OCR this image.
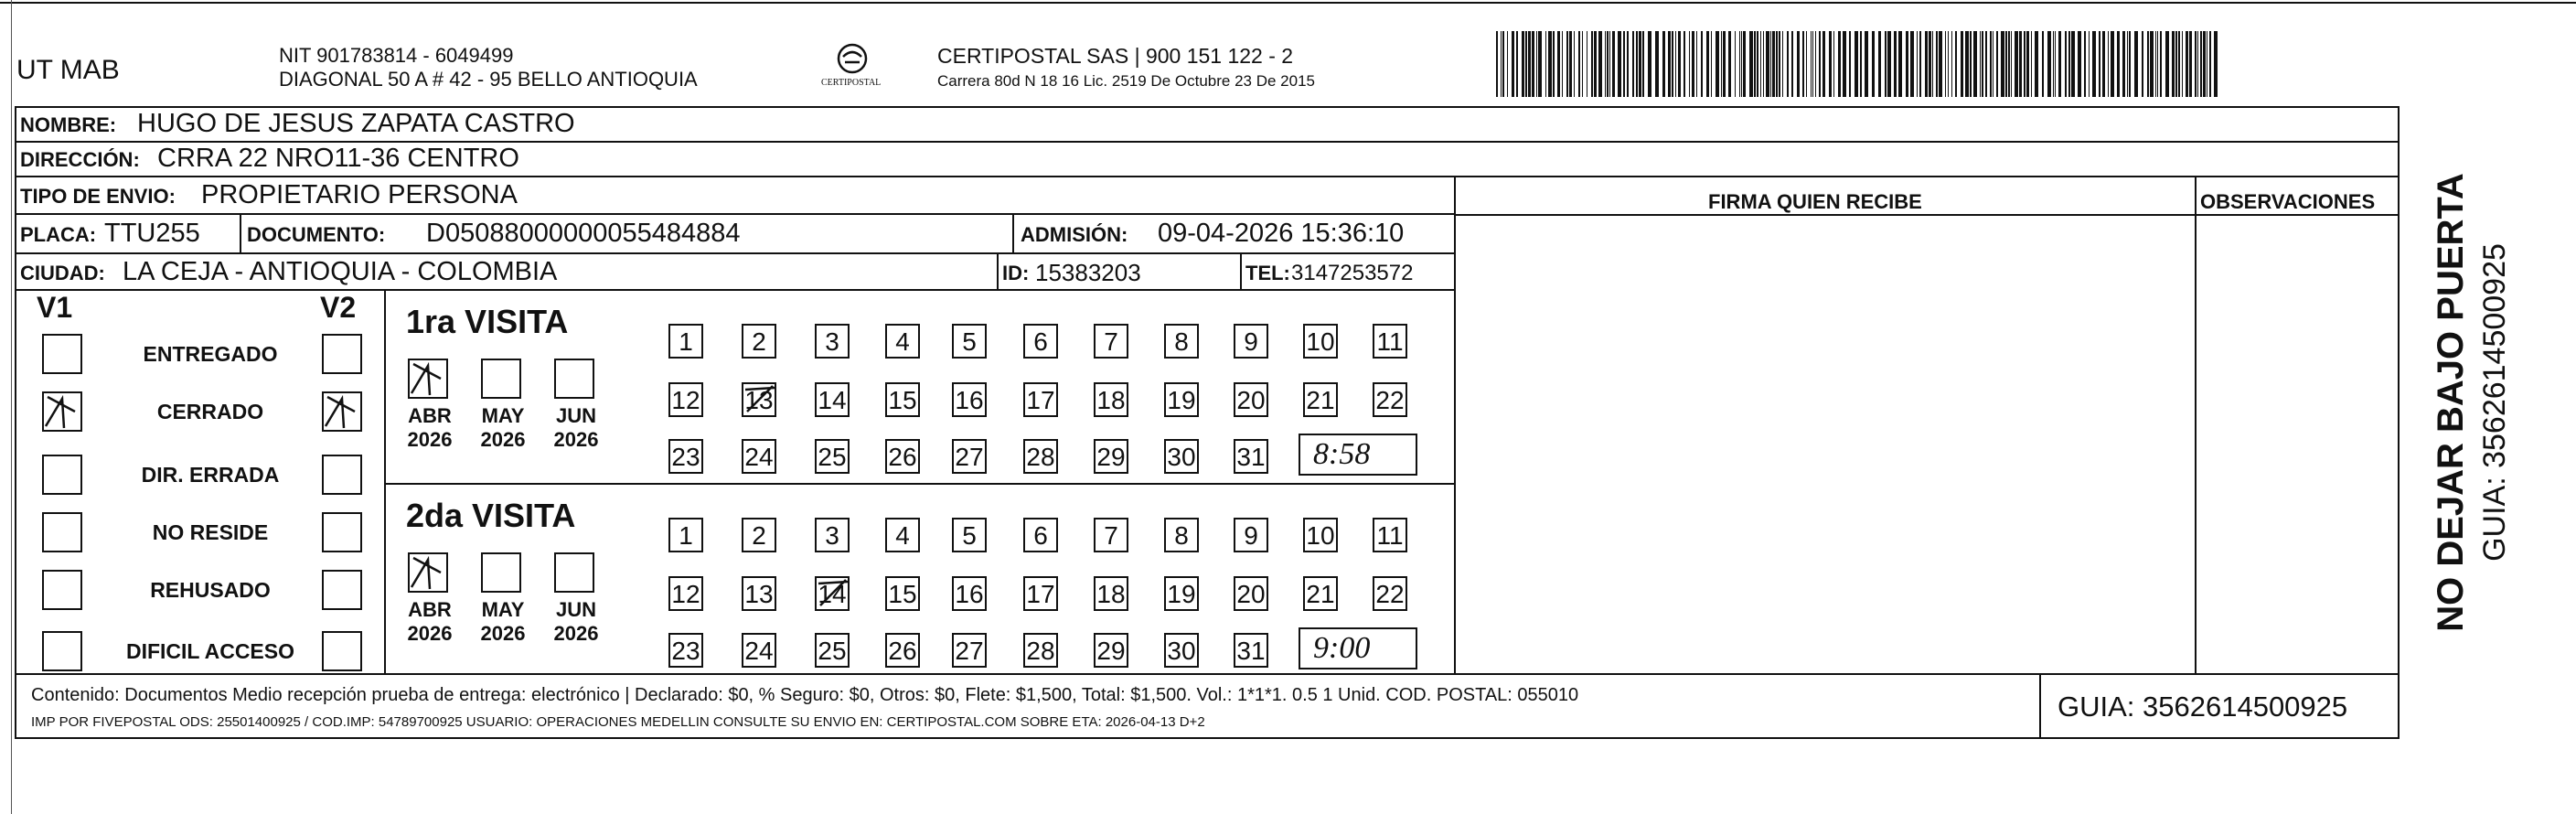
UT MAB	NIT 901783814 - 6049499
DIAGONAL 50 A # 42 - 95 BELLO ANTIOQUIA	CERTIPOSTAL
CERTIPOSTAL SAS | 900 151 122 - 2
Carrera 80d N 18 16 Lic. 2519 De Octubre 23 De 2015
NOMBRE: HUGO DE JESUS ZAPATA CASTRO
DIRECCIÓN: CRRA 22 NRO11-36 CENTRO
TIPO DE ENVIO: PROPIETARIO PERSONA	FIRMA QUIEN RECIBE	OBSERVACIONES
PLACA: TTU255 DOCUMENTO: D05088000000055484884	ADMISIÓN: 09-04-2026 15:36:10
CIUDAD: LA CEJA - ANTIOQUIA - COLOMBIA	ID: 15383203	TEL: 3147253572
V1	V2
ENTREGADO
CERRADO
DIR. ERRADA
NO RESIDE
REHUSADO
DIFICIL ACCESO
1ra VISITA
ABR
2026
MAY
2026
JUN
2026
1	2	3	4	5	6	7	8	9	10 11
12 13 14 15 16 17 18 19 20 21 22
23 24 25 26 27 28 29 30 31 8:58
2da VISITA
ABR
2026
MAY
2026
JUN
2026
1	2	3	4	5	6	7	8	9	10 11
12 13 14 15 16 17 18 19 20 21 22
23 24 25 26 27 28 29 30 31 9:00
Contenido: Documentos Medio recepción prueba de entrega: electrónico | Declarado: $0, % Seguro: $0, Otros: $0, Flete: $1,500, Total: $1,500. Vol.: 1*1*1. 0.5 1 Unid. COD. POSTAL: 055010
IMP POR FIVEPOSTAL ODS: 25501400925 / COD.IMP: 54789700925 USUARIO: OPERACIONES MEDELLIN CONSULTE SU ENVIO EN: CERTIPOSTAL.COM SOBRE ETA: 2026-04-13 D+2	GUIA: 3562614500925
NO DEJAR BAJO PUERTA GUIA: 3562614500925
